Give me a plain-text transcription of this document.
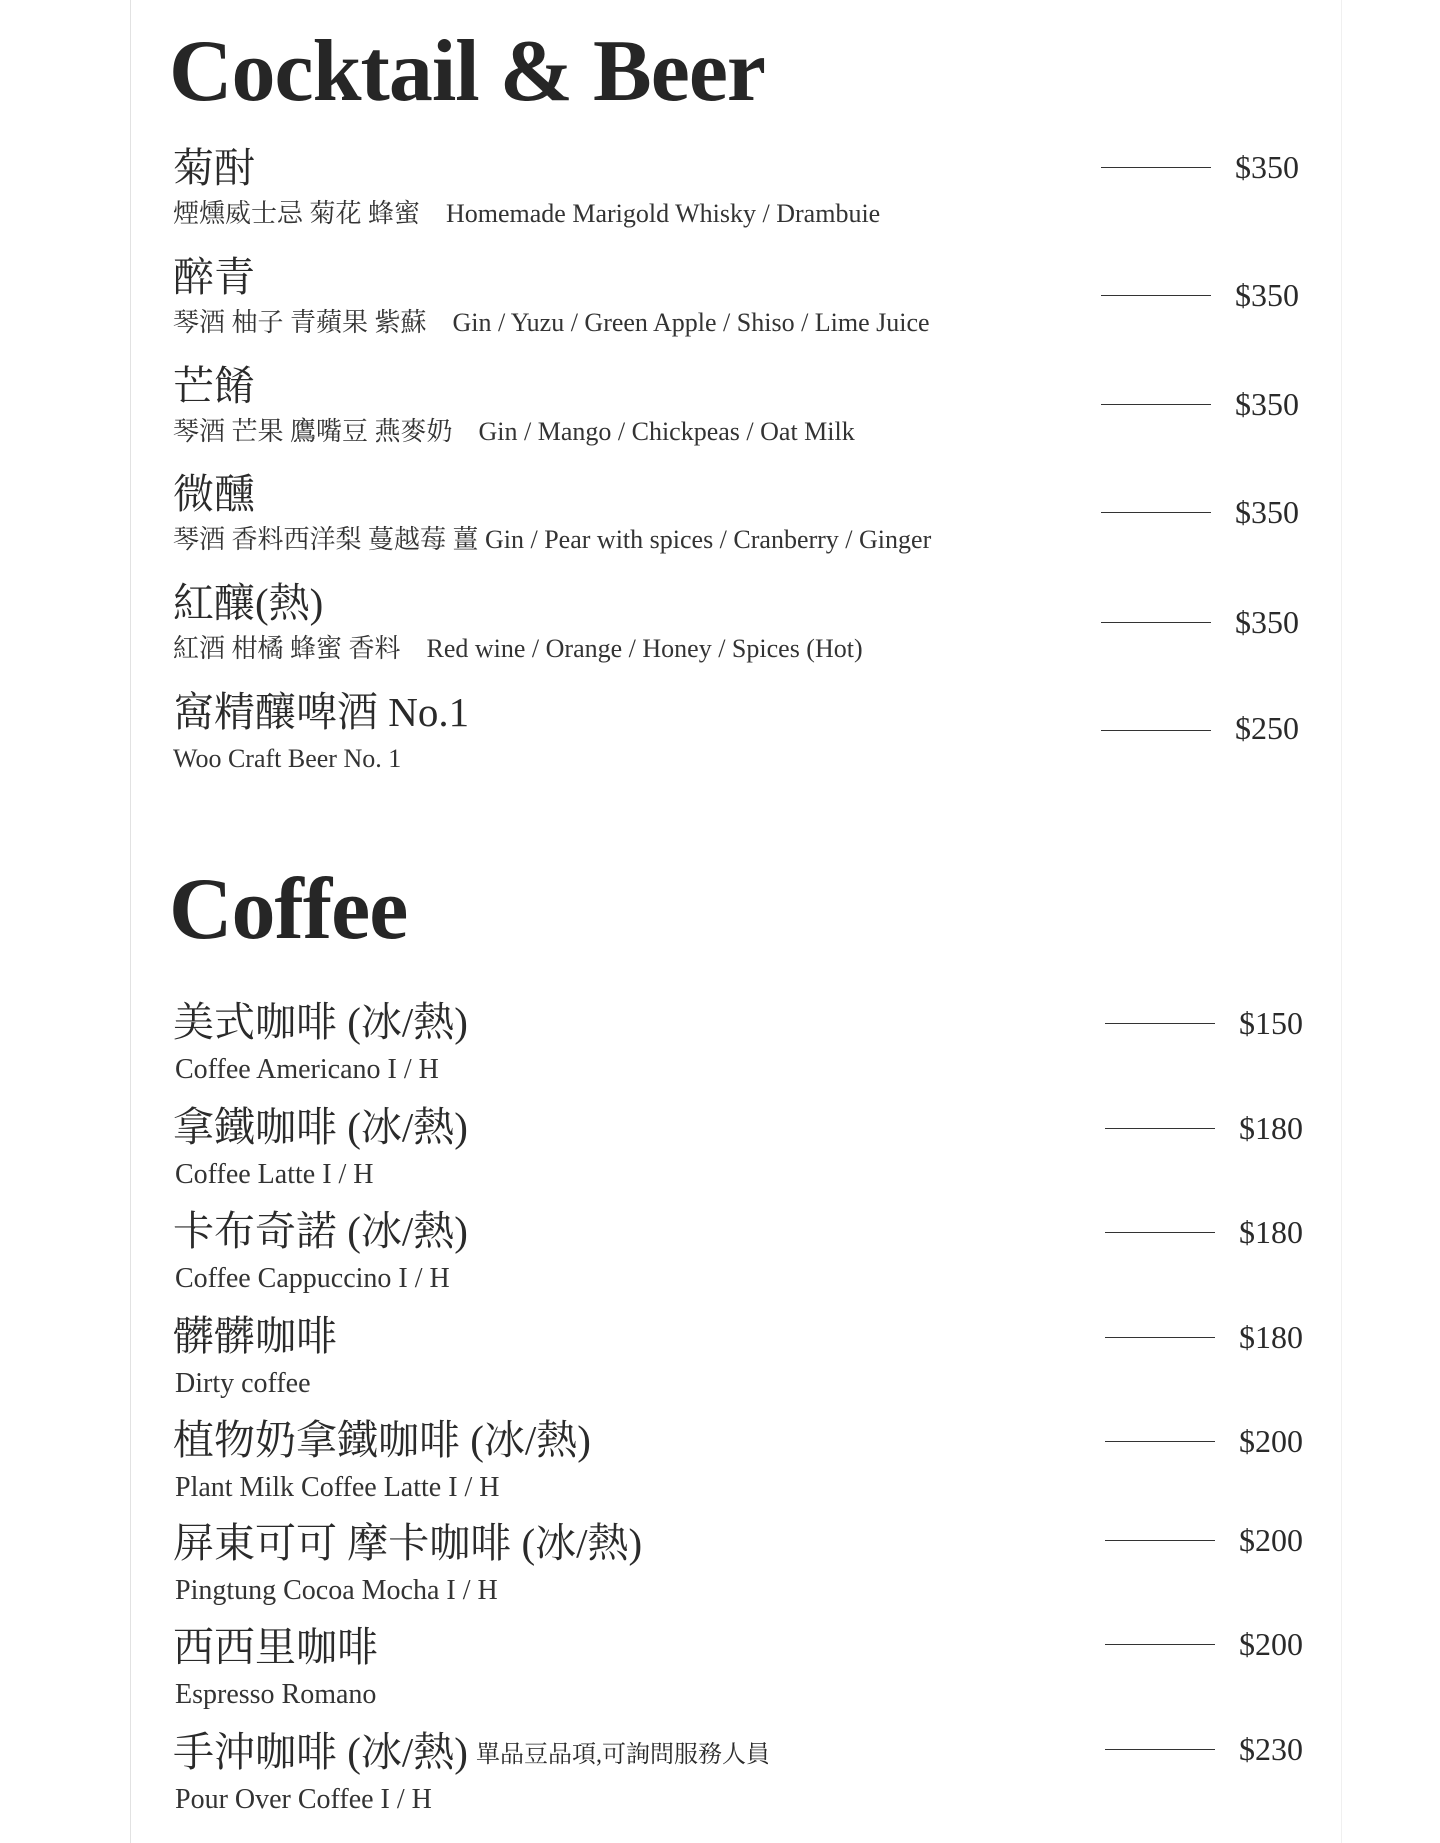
Cocktail & Beer
菊酎
煙燻威士忌 菊花 蜂蜜　Homemade Marigold Whisky / Drambuie
$350
醉青
琴酒 柚子 青蘋果 紫蘇　Gin / Yuzu / Green Apple / Shiso / Lime Juice
$350
芒餚
琴酒 芒果 鷹嘴豆 燕麥奶　Gin / Mango / Chickpeas / Oat Milk
$350
微醺
琴酒 香料西洋梨 蔓越莓 薑 Gin / Pear with spices / Cranberry / Ginger
$350
紅釀(熱)
紅酒 柑橘 蜂蜜 香料　Red wine / Orange / Honey / Spices (Hot)
$350
窩精釀啤酒 No.1
Woo Craft Beer No. 1
$250
Coffee
美式咖啡 (冰/熱)
Coffee Americano I / H
$150
拿鐵咖啡 (冰/熱)
Coffee Latte I / H
$180
卡布奇諾 (冰/熱)
Coffee Cappuccino I / H
$180
髒髒咖啡
Dirty coffee
$180
植物奶拿鐵咖啡 (冰/熱)
Plant Milk Coffee Latte I / H
$200
屏東可可 摩卡咖啡 (冰/熱)
Pingtung Cocoa Mocha I / H
$200
西西里咖啡
Espresso Romano
$200
手沖咖啡 (冰/熱) 單品豆品項,可詢問服務人員
Pour Over Coffee I / H
$230
